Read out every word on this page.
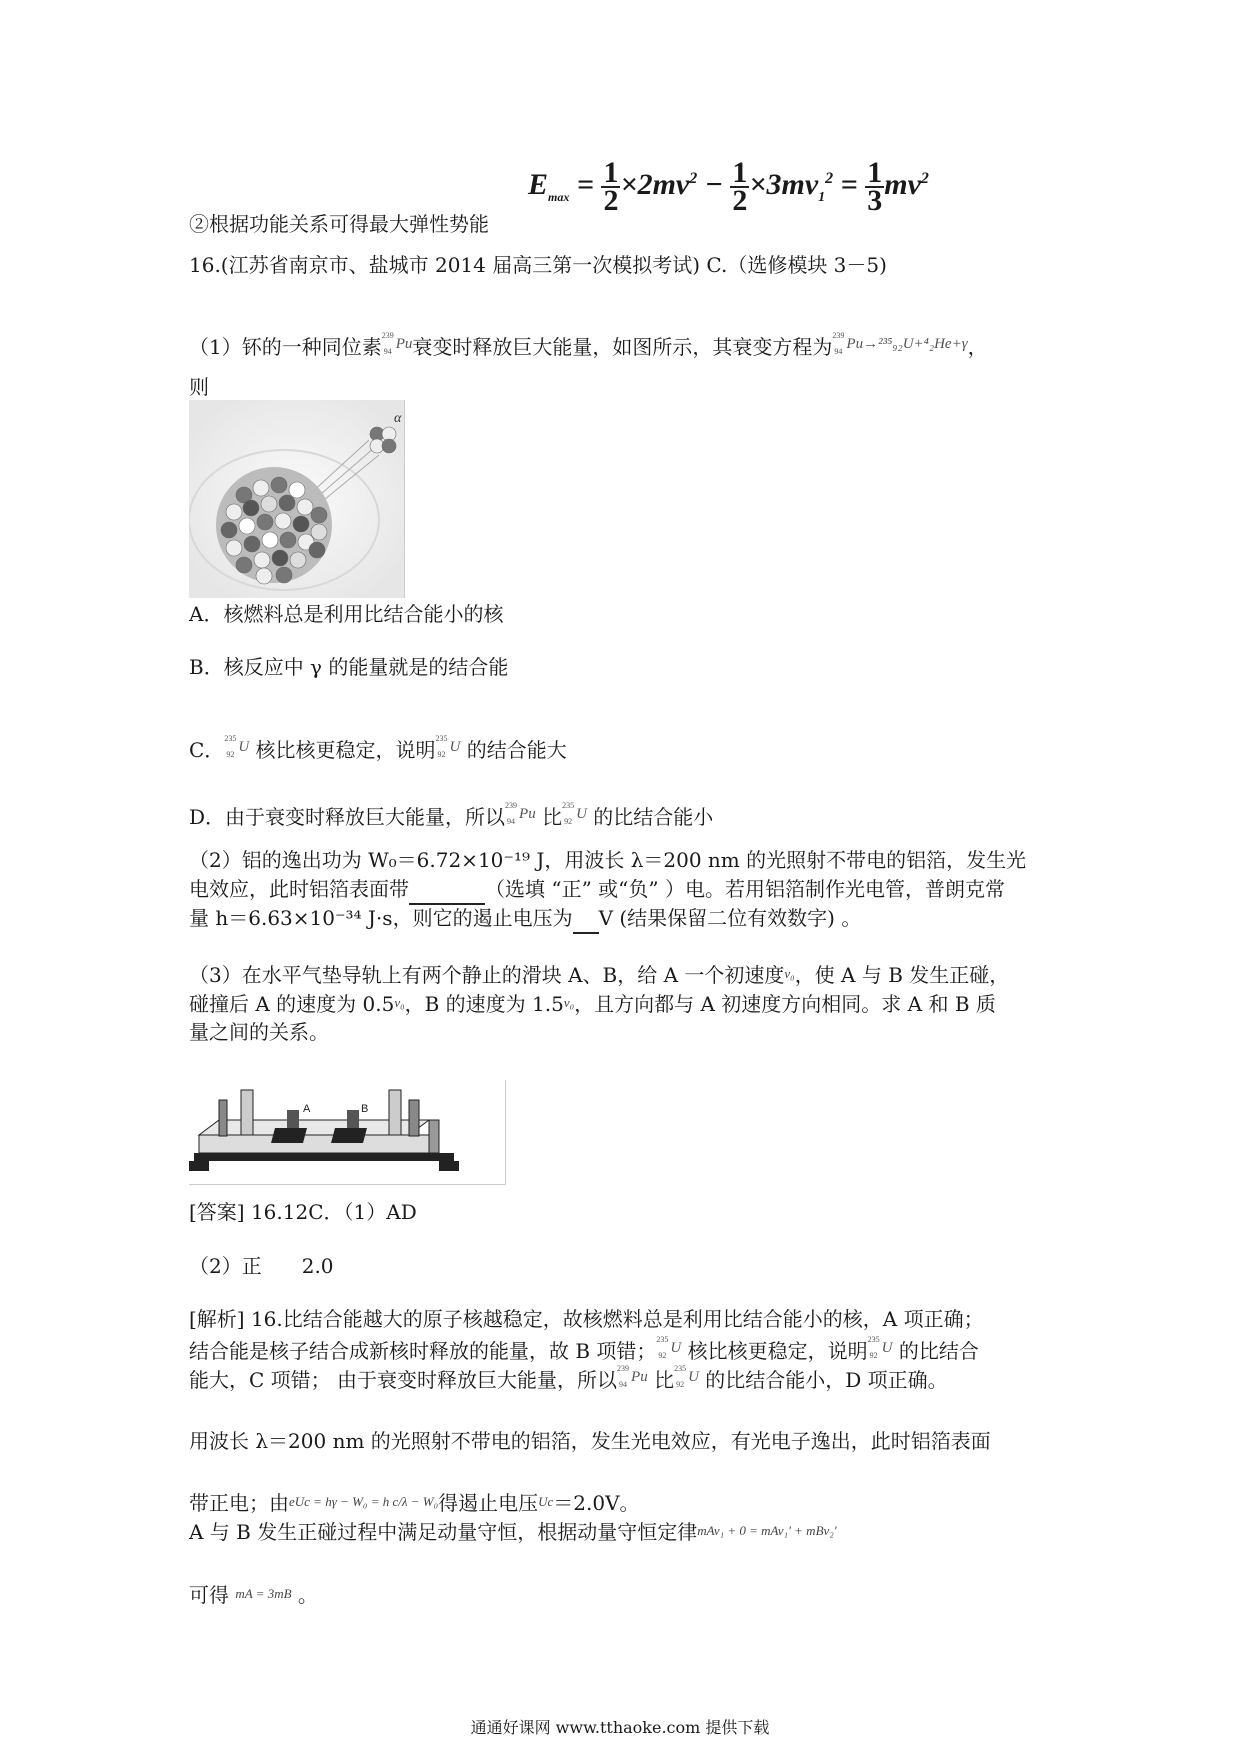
$E_{max} = \frac{1}{2}\times 2mv^2 - \frac{1}{2}\times 3mv_1^2 = \frac{1}{3}mv^2$
②根据功能关系可得最大弹性势能
16.(江苏省南京市、盐城市 2014 届高三第一次模拟考试) C.（选修模块 3－5)
（1）钚的一种同位素 239
94 Pu衰变时释放巨大能量，如图所示，其衰变方程为 239
94 Pu→²³⁵₉₂U+⁴₂He+γ，
则
α
A．核燃料总是利用比结合能小的核
B．核反应中 γ 的能量就是的结合能
C． 235
92 U 核比核更稳定，说明 235
92 U 的结合能大
D．由于衰变时释放巨大能量，所以 239
94 Pu 比 235
92 U 的比结合能小
（2）铝的逸出功为 W₀＝6.72×10⁻¹⁹ J，用波长 λ＝200 nm 的光照射不带电的铝箔，发生光
电效应，此时铝箔表面带	（选填 “正” 或“负” ）电。若用铝箔制作光电管，普朗克常
量 h＝6.63×10⁻³⁴ J·s，则它的遏止电压为 V (结果保留二位有效数字) 。
（3）在水平气垫导轨上有两个静止的滑块 A、B，给 A 一个初速度$^{v_0}$，使 A 与 B 发生正碰，
碰撞后 A 的速度为 $0.5^{v_0}$，B 的速度为 $1.5^{v_0}$，且方向都与 A 初速度方向相同。求 A 和 B 质
量之间的关系。
A	B
[答案] 16.12C．（1）AD
（2）正　　2.0
[解析] 16.比结合能越大的原子核越稳定，故核燃料总是利用比结合能小的核，A 项正确；
结合能是核子结合成新核时释放的能量，故 B 项错； 235
92 U 核比核更稳定，说明 235
92 U 的比结合
能大，C 项错； 由于衰变时释放巨大能量，所以 239
94 Pu 比 235
92 U 的比结合能小，D 项正确。
用波长 λ＝200 nm 的光照射不带电的铝箔，发生光电效应，有光电子逸出，此时铝箔表面
带正电；由$^{eUc = h\gamma - W_0 = h c/\lambda - W_0}$得遏止电压$^{Uc}$＝2.0V。
A 与 B 发生正碰过程中满足动量守恒，根据动量守恒定律$^{mAv_1 + 0 = mAv_1' + mBv_2'}$
可得 $^{mA = 3mB}$ 。
通通好课网 www.tthaoke.com 提供下载
